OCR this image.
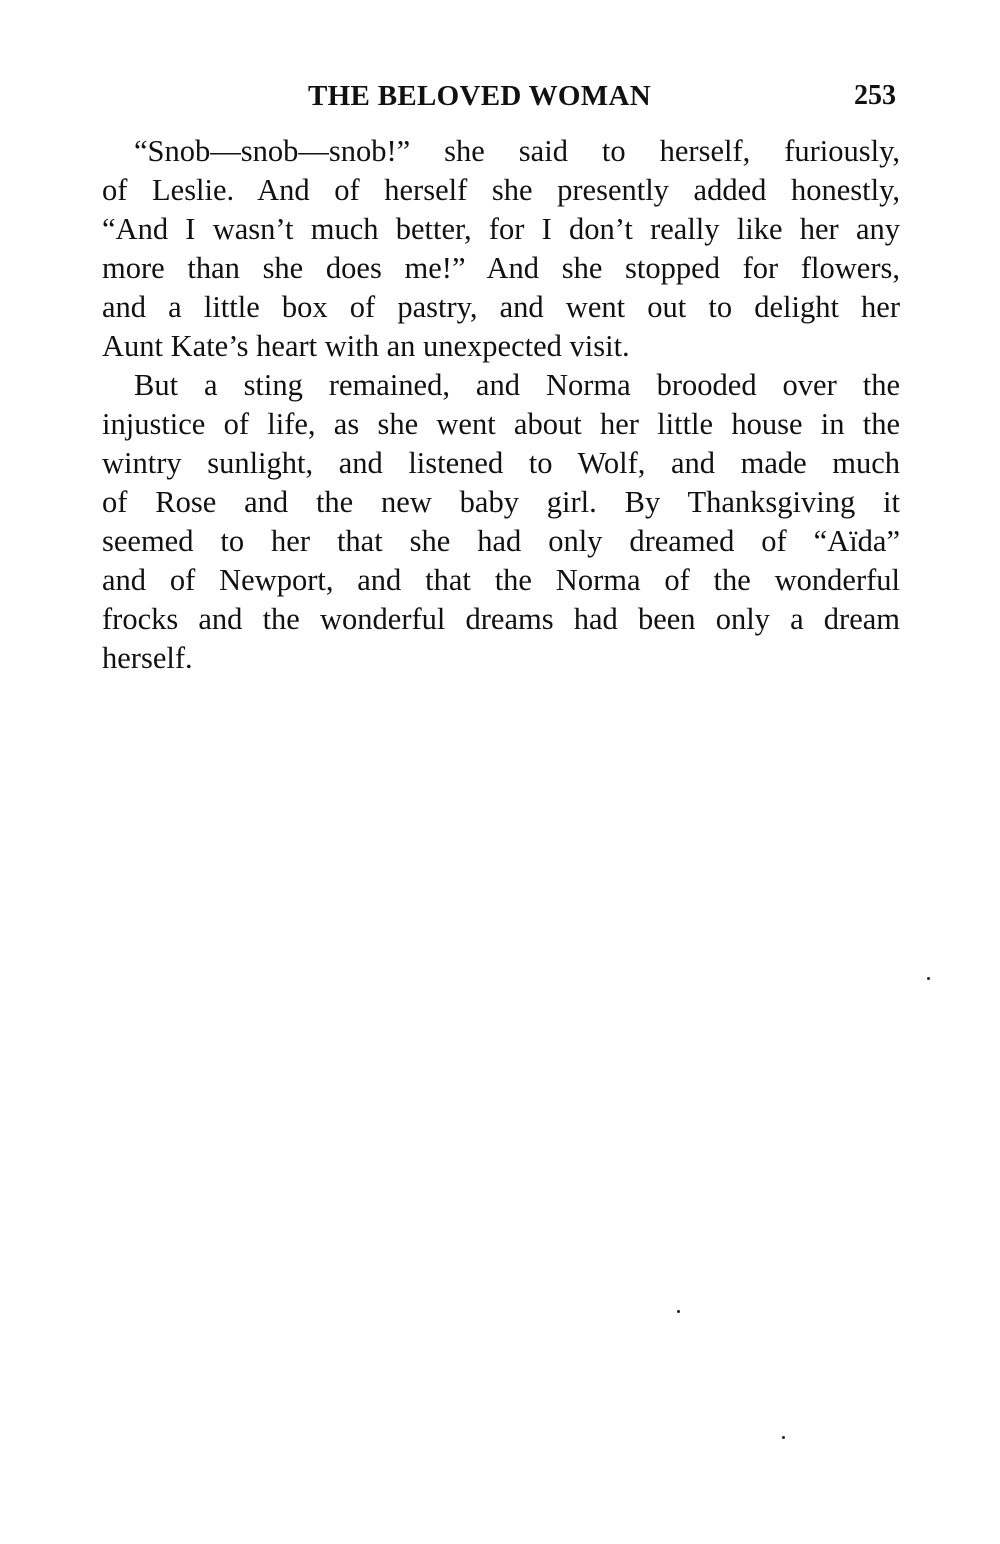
THE BELOVED WOMAN	253
“Snob—snob—snob!” she said to herself, furiously,
of Leslie. And of herself she presently added honestly,
“And I wasn’t much better, for I don’t really like her any
more than she does me!” And she stopped for flowers,
and a little box of pastry, and went out to delight her
Aunt Kate’s heart with an unexpected visit.
But a sting remained, and Norma brooded over the
injustice of life, as she went about her little house in the
wintry sunlight, and listened to Wolf, and made much
of Rose and the new baby girl. By Thanksgiving it
seemed to her that she had only dreamed of “Aïda”
and of Newport, and that the Norma of the wonderful
frocks and the wonderful dreams had been only a dream
herself.
